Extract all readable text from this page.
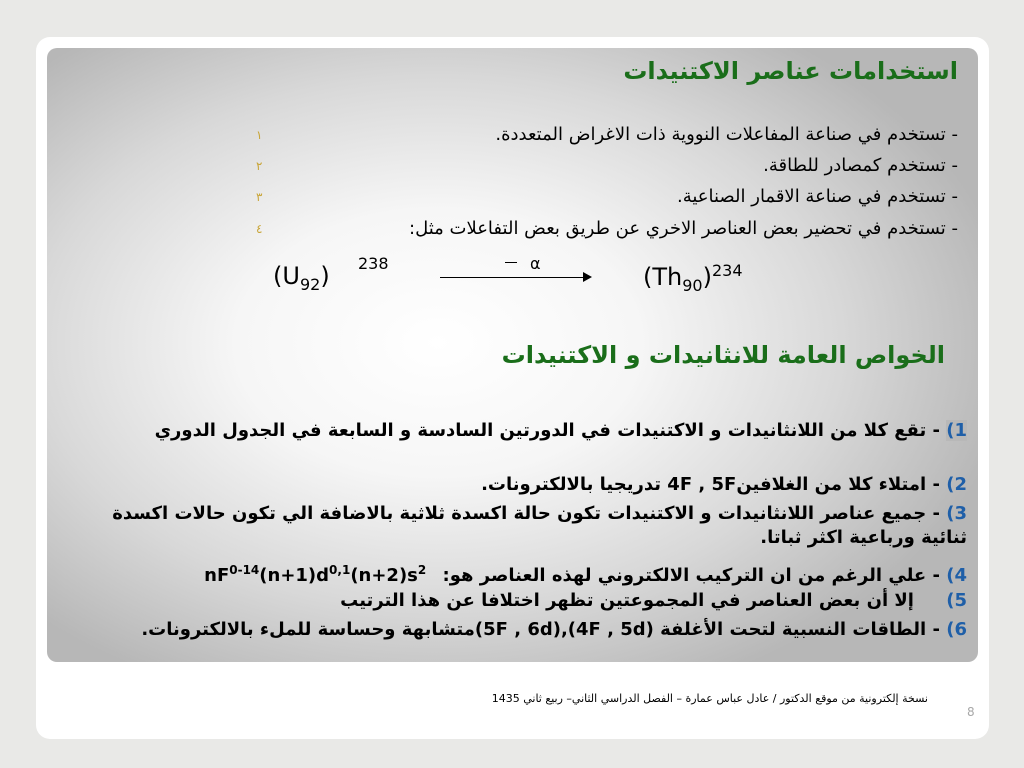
استخدامات عناصر الاكتنيدات
١	- تستخدم في صناعة المفاعلات النووية ذات الاغراض المتعددة.
٢	- تستخدم كمصادر للطاقة.
٣	- تستخدم في صناعة الاقمار الصناعية.
٤	- تستخدم في تحضير بعض العناصر الاخري عن طريق بعض التفاعلات مثل:
$(U_{92})$ 238	α	$(Th_{90})^{234}$
الخواص العامة للانثانيدات و الاكتنيدات
1) - تقع كلا من اللانثانيدات و الاكتنيدات في الدورتين السادسة و السابعة في الجدول الدوري
2) - امتلاء كلا من الغلافين4F , 5F تدريجيا بالالكترونات.
3) - جميع عناصر اللانثانيدات و الاكتنيدات تكون حالة اكسدة ثلاثية بالاضافة الي تكون حالات اكسدة ثنائية ورباعية اكثر ثباتا.
4) - علي الرغم من ان التركيب الالكتروني لهذه العناصر هو: $nF^{0-14}(n+1)d^{0,1}(n+2)s^2$
5) إلا أن بعض العناصر في المجموعتين تظهر اختلافا عن هذا الترتيب
6) - الطاقات النسبية لتحت الأغلفة (4F , 5d),(5F , 6d)متشابهة وحساسة للملء بالالكترونات.
نسخة إلكترونية من موقع الدكتور / عادل عباس عمارة – الفصل الدراسي الثاني– ربيع ثاني 1435
8
